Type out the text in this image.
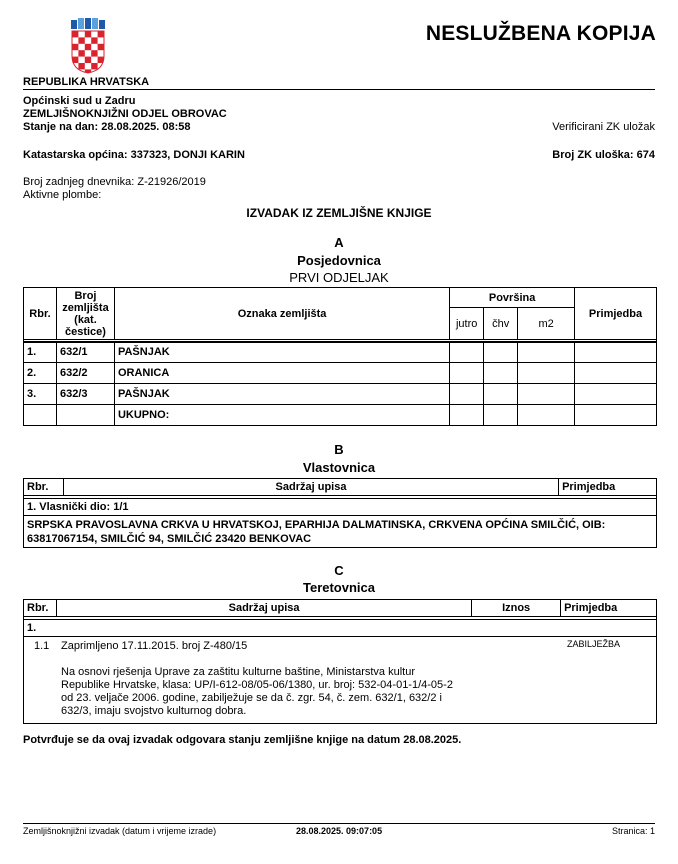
NESLUŽBENA KOPIJA
REPUBLIKA HRVATSKA
Općinski sud u Zadru
ZEMLJIŠNOKNJIŽNI ODJEL OBROVAC
Stanje na dan: 28.08.2025. 08:58	Verificirani ZK uložak
Katastarska općina: 337323, DONJI KARIN	Broj ZK uloška: 674
Broj zadnjeg dnevnika: Z-21926/2019
Aktivne plombe:
IZVADAK IZ ZEMLJIŠNE KNJIGE
A
Posjedovnica
PRVI ODJELJAK
Rbr.	Broj zemljišta (kat. čestice)	Oznaka zemljišta	Površina			Primjedba
			jutro	čhv	m2	

1.	632/1	PAŠNJAK				
2.	632/2	ORANICA				
3.	632/3	PAŠNJAK				
		UKUPNO:				
B
Vlastovnica
Rbr.	Sadržaj upisa	Primjedba

1. Vlasnički dio: 1/1
SRPSKA PRAVOSLAVNA CRKVA U HRVATSKOJ, EPARHIJA DALMATINSKA, CRKVENA OPĆINA SMILČIĆ, OIB: 63817067154, SMILČIĆ 94, SMILČIĆ 23420 BENKOVAC
C
Teretovnica
Rbr.	Sadržaj upisa	Iznos	Primjedba

1.

1.1 Zaprimljeno 17.11.2015. broj Z-480/15	ZABILJEŽBA
Na osnovi rješenja Uprave za zaštitu kulturne baštine, Ministarstva kultur
Republike Hrvatske, klasa: UP/I-612-08/05-06/1380, ur. broj: 532-04-01-1/4-05-2
od 23. veljače 2006. godine, zabilježuje se da č. zgr. 54, č. zem. 632/1, 632/2 i
632/3, imaju svojstvo kulturnog dobra.
Potvrđuje se da ovaj izvadak odgovara stanju zemljišne knjige na datum 28.08.2025.
Zemljišnoknjižni izvadak (datum i vrijeme izrade)	28.08.2025. 09:07:05	Stranica: 1
